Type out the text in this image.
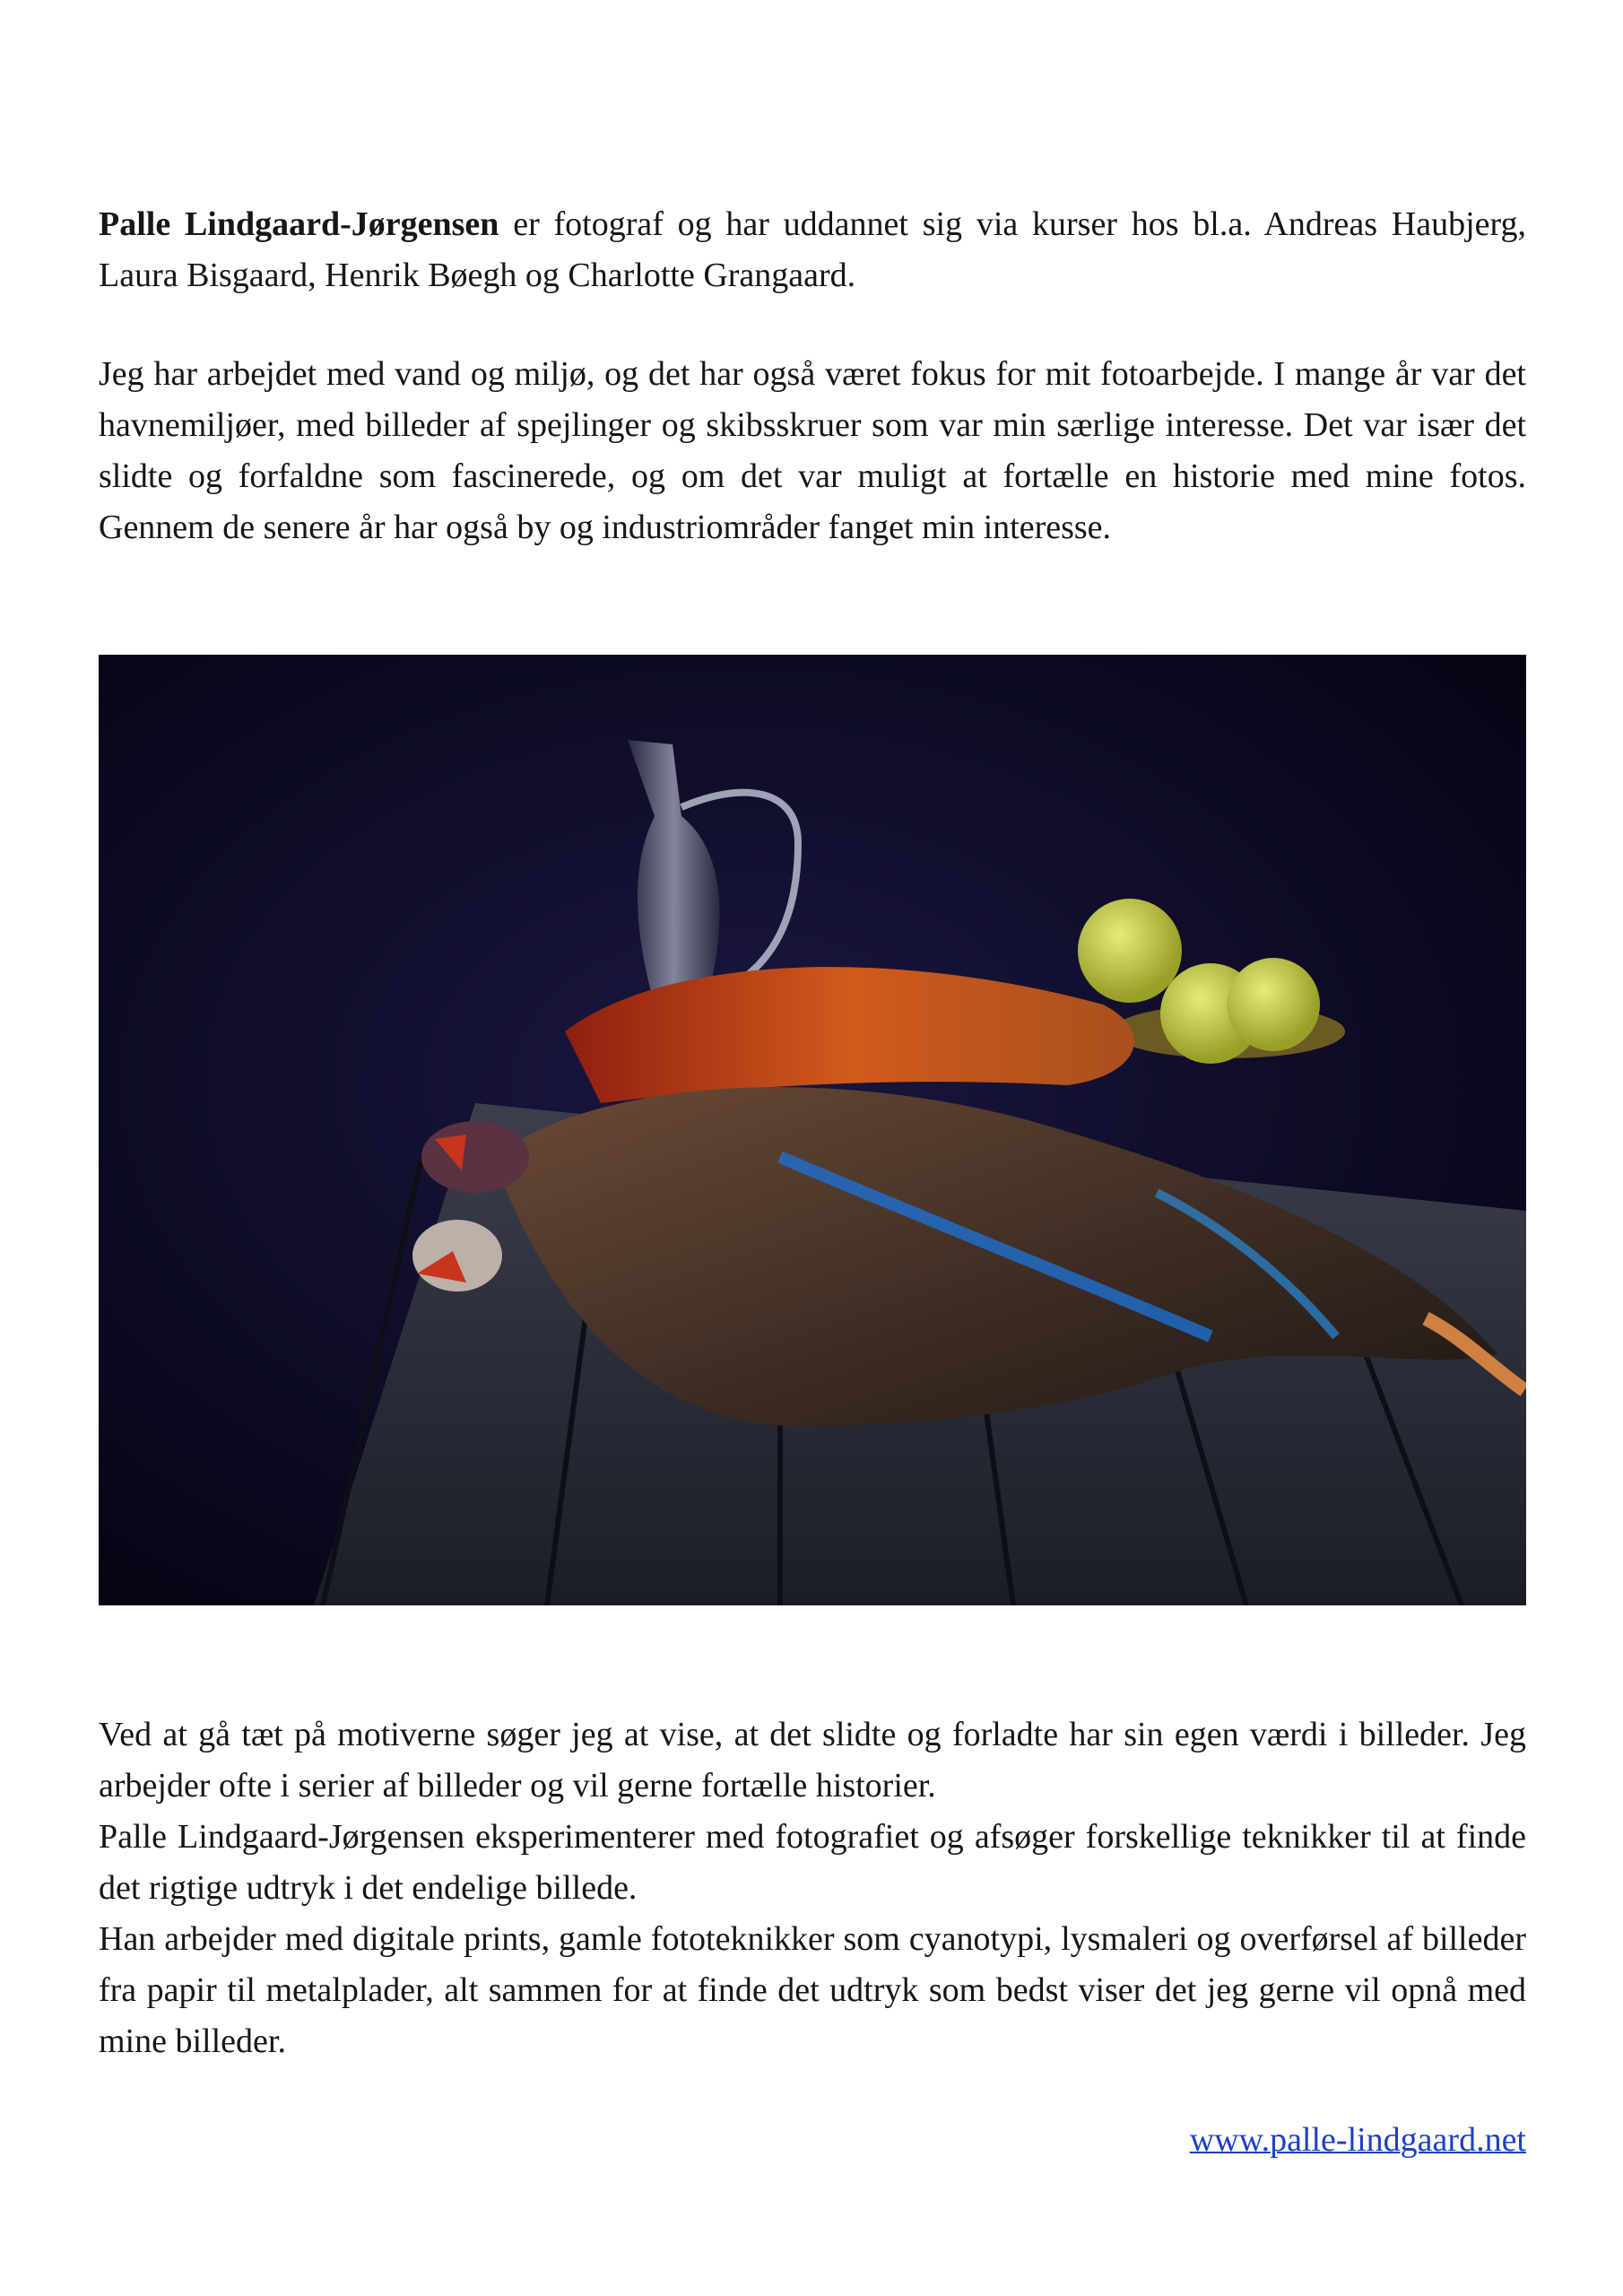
Palle Lindgaard-Jørgensen er fotograf og har uddannet sig via kurser hos bl.a. Andreas Haubjerg, Laura Bisgaard, Henrik Bøegh og Charlotte Grangaard.

Jeg har arbejdet med vand og miljø, og det har også været fokus for mit fotoarbejde. I mange år var det havnemiljøer, med billeder af spejlinger og skibsskruer som var min særlige interesse. Det var især det slidte og forfaldne som fascinerede, og om det var muligt at fortælle en historie med mine fotos. Gennem de senere år har også by og industriområder fanget min interesse.

Ved at gå tæt på motiverne søger jeg at vise, at det slidte og forladte har sin egen værdi i billeder. Jeg arbejder ofte i serier af billeder og vil gerne fortælle historier.
Palle Lindgaard-Jørgensen eksperimenterer med fotografiet og afsøger forskellige teknikker til at finde det rigtige udtryk i det endelige billede.
Han arbejder med digitale prints, gamle fototeknikker som cyanotypi, lysmaleri og overførsel af billeder fra papir til metalplader, alt sammen for at finde det udtryk som bedst viser det jeg gerne vil opnå med mine billeder.
www.palle-lindgaard.net
